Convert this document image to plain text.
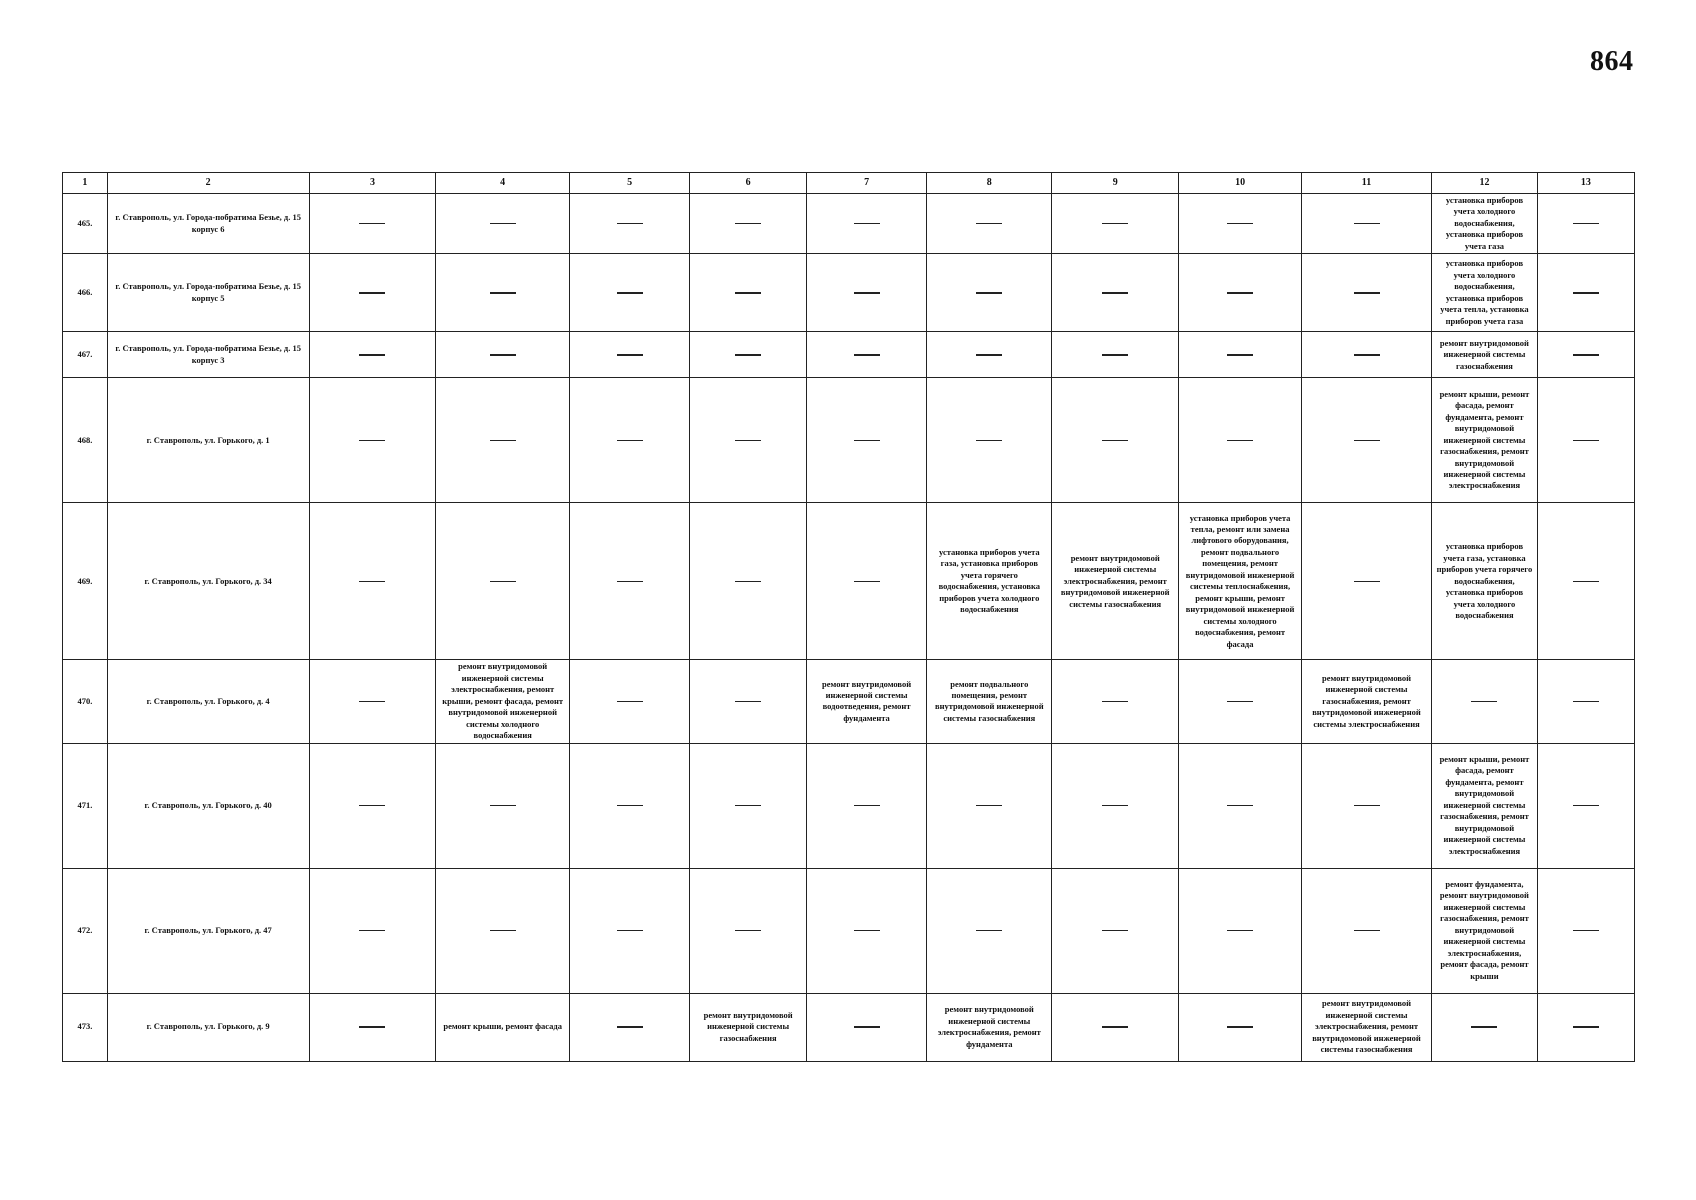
864
1	2	3	4	5	6	7	8	9	10	11	12	13
465.	г. Ставрополь, ул. Города-побратима Безье, д. 15 корпус 6										установка приборов учета холодного водоснабжения, установка приборов учета газа	

466.	г. Ставрополь, ул. Города-побратима Безье, д. 15 корпус 5										установка приборов учета холодного водоснабжения, установка приборов учета тепла, установка приборов учета газа	

467.	г. Ставрополь, ул. Города-побратима Безье, д. 15 корпус 3										ремонт внутридомовой инженерной системы газоснабжения	

468.	г. Ставрополь, ул. Горького, д. 1										ремонт крыши, ремонт фасада, ремонт фундамента, ремонт внутридомовой инженерной системы газоснабжения, ремонт внутридомовой инженерной системы электроснабжения	

469.	г. Ставрополь, ул. Горького, д. 34						установка приборов учета газа, установка приборов учета горячего водоснабжения, установка приборов учета холодного водоснабжения	ремонт внутридомовой инженерной системы электроснабжения, ремонт внутридомовой инженерной системы газоснабжения	установка приборов учета тепла, ремонт или замена лифтового оборудования, ремонт подвального помещения, ремонт внутридомовой инженерной системы теплоснабжения, ремонт крыши, ремонт внутридомовой инженерной системы холодного водоснабжения, ремонт фасада		установка приборов учета газа, установка приборов учета горячего водоснабжения, установка приборов учета холодного водоснабжения	

470.	г. Ставрополь, ул. Горького, д. 4		ремонт внутридомовой инженерной системы электроснабжения, ремонт крыши, ремонт фасада, ремонт внутридомовой инженерной системы холодного водоснабжения			ремонт внутридомовой инженерной системы водоотведения, ремонт фундамента	ремонт подвального помещения, ремонт внутридомовой инженерной системы газоснабжения			ремонт внутридомовой инженерной системы газоснабжения, ремонт внутридомовой инженерной системы электроснабжения	

471.	г. Ставрополь, ул. Горького, д. 40										ремонт крыши, ремонт фасада, ремонт фундамента, ремонт внутридомовой инженерной системы газоснабжения, ремонт внутридомовой инженерной системы электроснабжения	

472.	г. Ставрополь, ул. Горького, д. 47										ремонт фундамента, ремонт внутридомовой инженерной системы газоснабжения, ремонт внутридомовой инженерной системы электроснабжения, ремонт фасада, ремонт крыши	

473.	г. Ставрополь, ул. Горького, д. 9		ремонт крыши, ремонт фасада		ремонт внутридомовой инженерной системы газоснабжения		ремонт внутридомовой инженерной системы электроснабжения, ремонт фундамента			ремонт внутридомовой инженерной системы электроснабжения, ремонт внутридомовой инженерной системы газоснабжения	
